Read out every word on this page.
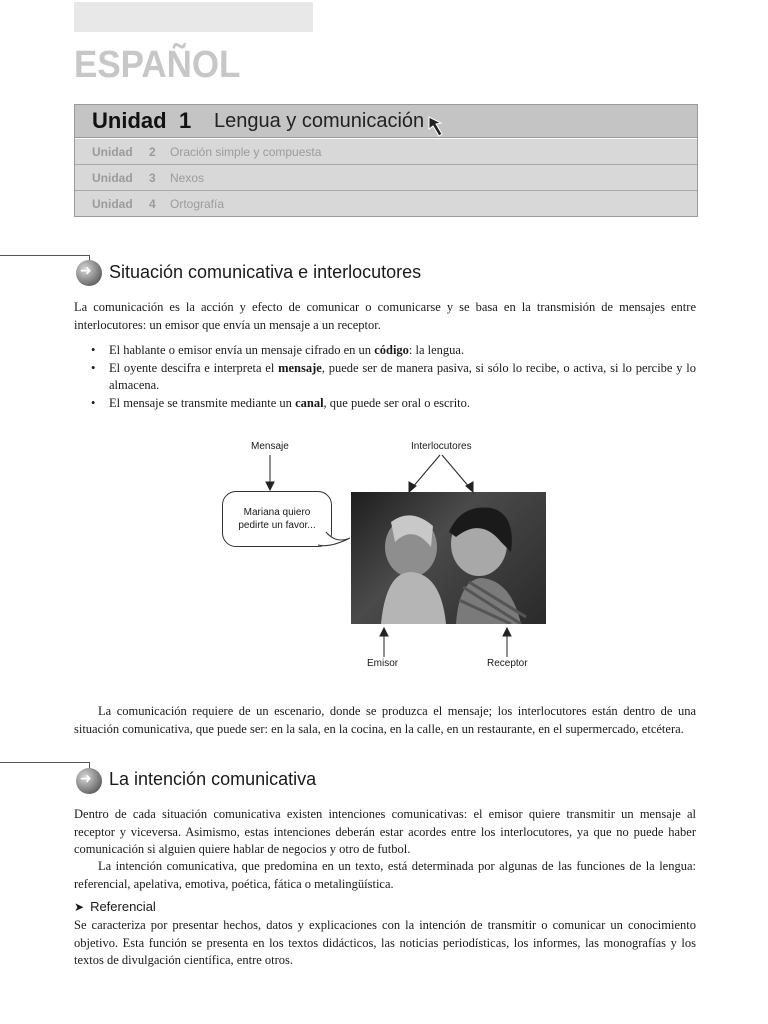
ESPAÑOL
Unidad 1 Lengua y comunicación
Unidad 2 Oración simple y compuesta
Unidad 3 Nexos
Unidad 4 Ortografía
➜ Situación comunicativa e interlocutores
La comunicación es la acción y efecto de comunicar o comunicarse y se basa en la transmisión de mensajes entre interlocutores: un emisor que envía un mensaje a un receptor.
• El hablante o emisor envía un mensaje cifrado en un código: la lengua.
• El oyente descifra e interpreta el mensaje, puede ser de manera pasiva, si sólo lo recibe, o activa, si lo percibe y lo almacena.
• El mensaje se transmite mediante un canal, que puede ser oral o escrito.
Mensaje	Interlocutores
Mariana quiero pedirte un favor...
Emisor	Receptor
La comunicación requiere de un escenario, donde se produzca el mensaje; los interlocutores están dentro de una situación comunicativa, que puede ser: en la sala, en la cocina, en la calle, en un restaurante, en el supermercado, etcétera.
➜ La intención comunicativa
Dentro de cada situación comunicativa existen intenciones comunicativas: el emisor quiere transmitir un mensaje al receptor y viceversa. Asimismo, estas intenciones deberán estar acordes entre los interlocutores, ya que no puede haber comunicación si alguien quiere hablar de negocios y otro de futbol.
La intención comunicativa, que predomina en un texto, está determinada por algunas de las funciones de la lengua: referencial, apelativa, emotiva, poética, fática o metalingüística.
➤ Referencial
Se caracteriza por presentar hechos, datos y explicaciones con la intención de transmitir o comunicar un conocimiento objetivo. Esta función se presenta en los textos didácticos, las noticias periodísticas, los informes, las monografías y los textos de divulgación científica, entre otros.
